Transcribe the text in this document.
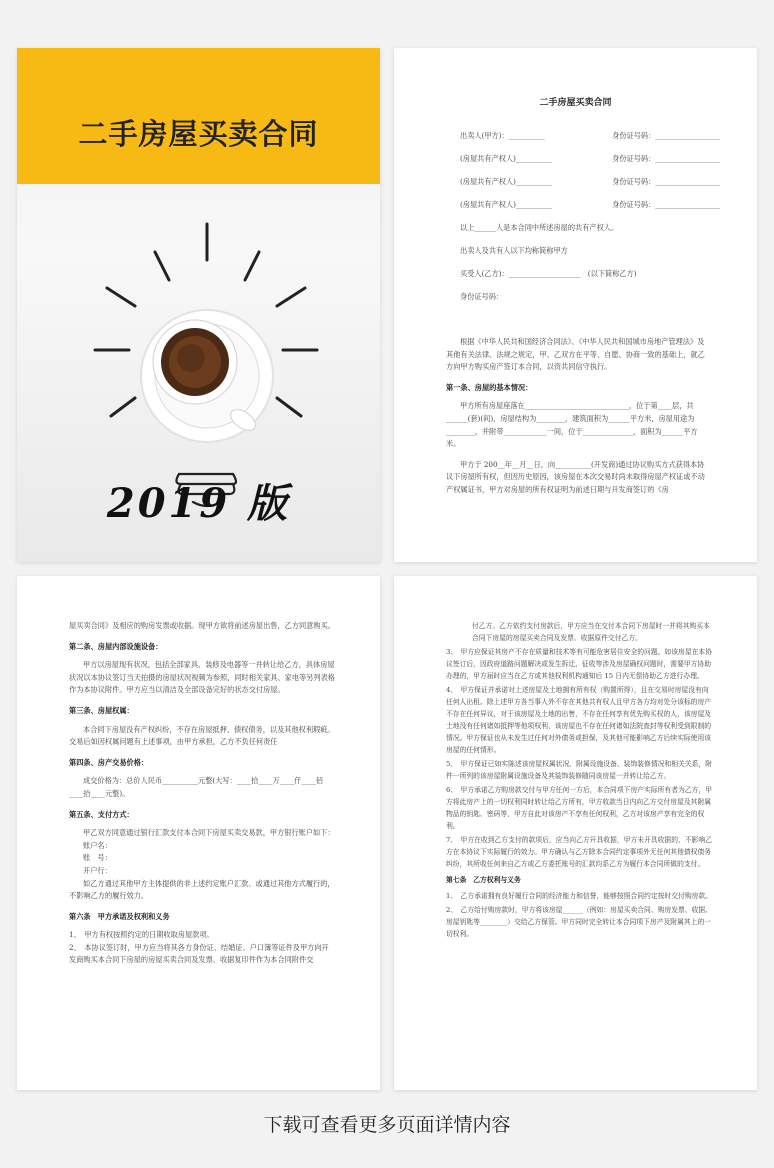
二手房屋买卖合同
2019 版
二手房屋买卖合同
出卖人(甲方)：__________	身份证号码：__________________
(房屋共有产权人)__________	身份证号码：__________________
(房屋共有产权人)__________	身份证号码：__________________
(房屋共有产权人)__________	身份证号码：__________________

以上______人是本合同中所述房屋的共有产权人。

出卖人及共有人以下均称简称甲方

买受人(乙方)：____________________　(以下简称乙方)

身份证号码：

根据《中华人民共和国经济合同法》、《中华人民共和国城市房地产管理法》及其他有关法律、法规之规定，甲、乙双方在平等、自愿、协商一致的基础上，就乙方向甲方购买房产签订本合同，以资共同信守执行。

第一条、房屋的基本情况：

甲方所有房屋座落在_____________________________，位于第____层，共______(套)(间)，房屋结构为________，建筑面积为______平方米，房屋用途为________，并附带____________一间，位于______________，面积为______平方米。

甲方于 200__年__月__日，向__________(开发商)通过协议购买方式获得本协议下房屋所有权，但因历史原因，该房屋在本次交易时尚未取得房屋产权证或不动产权属证书，甲方对房屋的所有权证明为前述日期与开发商签订的《房

屋买卖合同》及相应的购房发票或收据。现甲方欲将前述房屋出售，乙方同意购买。

第二条、房屋内部设施设备：

甲方以房屋现有状况，包括全部家具、装修及电器等一并转让给乙方，具体房屋状况以本协议签订当天拍摄的房屋状况视频为参照，同时相关家具、家电等另列表格作为本协议附件。甲方应当以清洁及全部设备完好的状态交付房屋。

第三条、房屋权属：

本合同下房屋没有产权纠纷，不存在房屋抵押、债权债务，以及其他权利瑕疵。交易后如因权属问题有上述事项，由甲方承担，乙方不负任何责任

第四条、房产交易价格：

成交价格为：总价人民币__________元整(大写：____拾____万____仟____佰____拾____元整)。

第五条、支付方式：

甲乙双方同意通过银行汇款支付本合同下房屋买卖交易款，甲方银行账户如下：

账户名：

账　号：

开户行：

如乙方通过其他甲方主体提供的非上述约定账户汇款、或通过其他方式履行的，不影响乙方的履行效力。

第六条　甲方承诺及权利和义务

1、　甲方有权按照约定的日期收取房屋款项。

2、　本协议签订时，甲方应当将其各方身份证、结婚证、户口簿等证件及甲方向开发商购买本合同下房屋的房屋买卖合同及发票、收据复印件作为本合同附件交

付乙方。乙方依约支付房款后，甲方应当在交付本合同下房屋时一并将其购买本合同下房屋的房屋买卖合同及发票、收据原件交付乙方。

3、　甲方应保证其房产不存在质量和技术等有可能危害居住安全的问题。如该房屋在本协议签订后，因政府道路问题解决或发生拆迁、征收等涉及房屋确权问题时，需要甲方协助办理的，甲方届时应当在乙方或其他权利机构通知后 15 日内无偿协助乙方进行办理。

4、　甲方保证并承诺对上述房屋及土地拥有所有权（购置所得），且在交易时房屋没有向任何人出租。除上述甲方各当事人外不存在其他共有权人且甲方各方均对处分该标的房产不存在任何异议，对于该房屋及土地的出售，不存在任何享有优先购买权的人，该房屋及土地没有任何诸如抵押等他项权利，该房屋也不存在任何诸如法院查封等权利受到限制的情况。甲方保证也从未发生过任何对外债务或担保，及其他可能影响乙方后续实际使用该房屋的任何情形。

5、　甲方保证已如实陈述该房屋权属状况、附属设施设备、装饰装修情况和相关关系，附件一所列的该房屋附属设施设备及其装饰装修随同该房屋一并转让给乙方。

6、　甲方承诺乙方购房款交付与甲方任何一方后，本合同项下房产实际所有者为乙方，甲方将此房产上的一切权利同时转让给乙方所有，甲方收款当日内向乙方交付房屋及其附属物品的钥匙、密码等，甲方自此对该房产不享有任何权利，乙方对该房产享有完全的权利。

7、　甲方在收到乙方支付的款项后，应当向乙方开具收据，甲方未开具收据的，不影响乙方在本协议下实际履行的效力。甲方确认与乙方除本合同约定事项外无任何其他债权债务纠纷，其所收任何来自乙方或乙方委托账号的汇款均系乙方为履行本合同所做的支付。

第七条　乙方权利与义务

1、　乙方承诺拥有良好履行合同的经济能力和信誉，能够按照合同约定按时交付购房款。

2、　乙方给付购房款时，甲方将该房屋______（例如：房屋买卖合同、购房发票、收据、房屋钥匙等________）交给乙方保管。甲方同时完全转让本合同项下房产及附属其上的一切权利。

下载可查看更多页面详情内容
